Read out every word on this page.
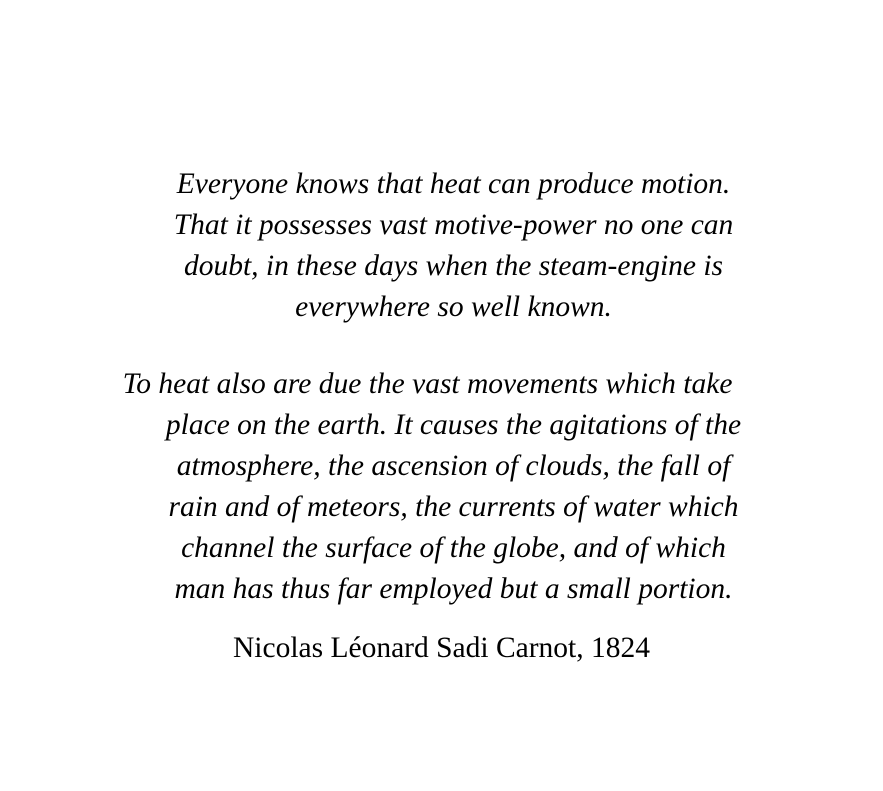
Everyone knows that heat can produce motion.
That it possesses vast motive-power no one can
doubt, in these days when the steam-engine is
everywhere so well known.
To heat also are due the vast movements which take
place on the earth. It causes the agitations of the
atmosphere, the ascension of clouds, the fall of
rain and of meteors, the currents of water which
channel the surface of the globe, and of which
man has thus far employed but a small portion.
Nicolas Léonard Sadi Carnot, 1824
